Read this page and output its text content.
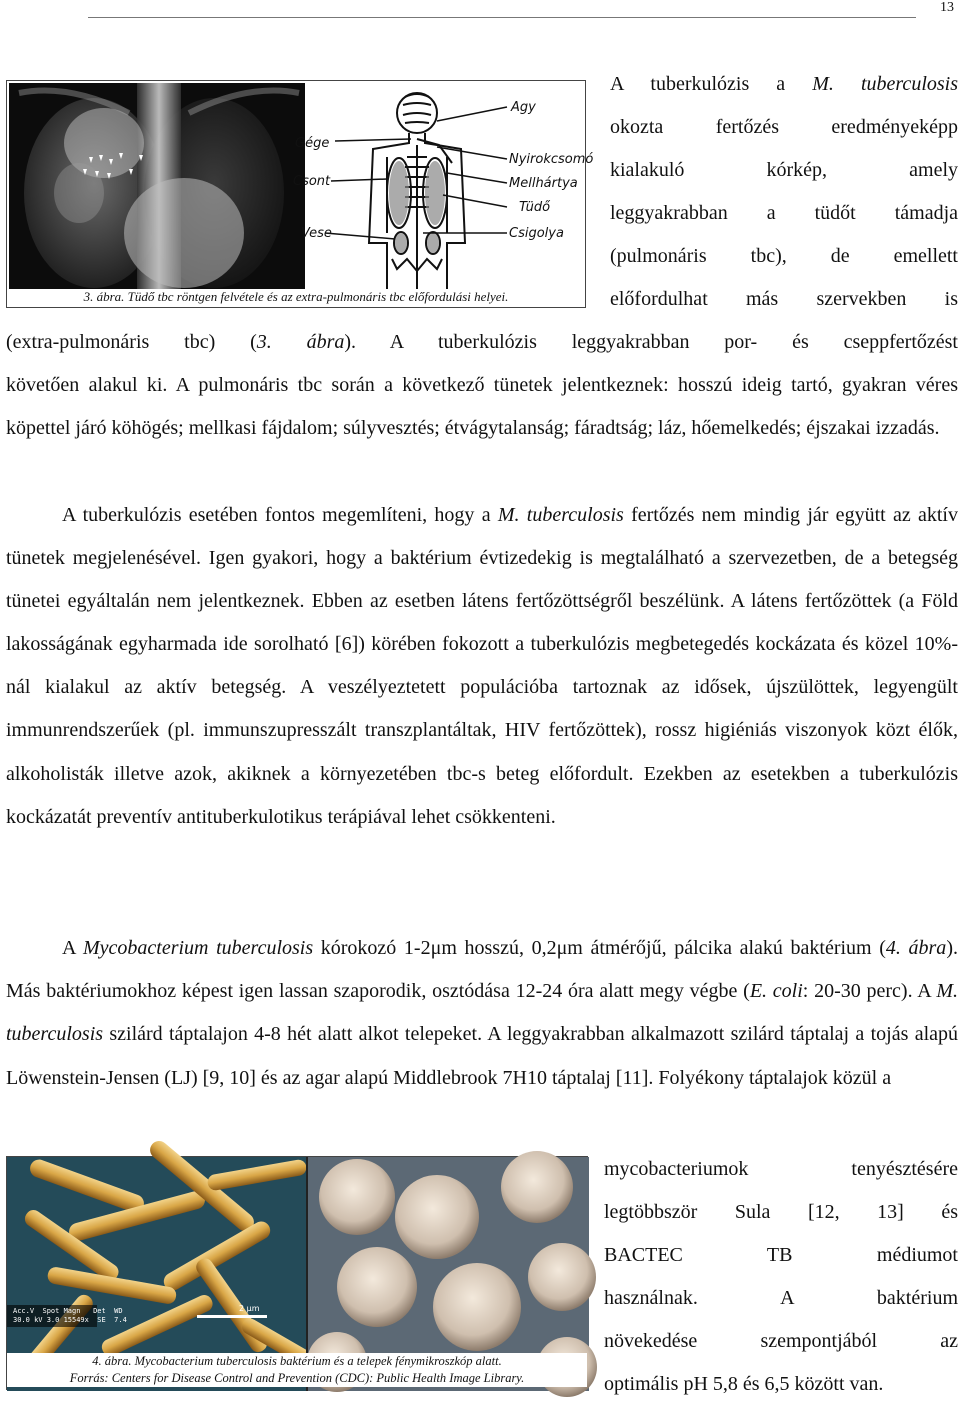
13
Gége
Csont
Vese
Agy
Nyirokcsomó
Mellhártya
Tüdő
Csigolya
3. ábra. Tüdő tbc röntgen felvétele és az extra-pulmonáris tbc előfordulási helyei.
A tuberkulózis a M. tuberculosis
okozta fertőzés eredményeképp
kialakuló kórkép, amely
leggyakrabban a tüdőt támadja
(pulmonáris tbc), de emellett
előfordulhat más szervekben is
(extra-pulmonáris tbc) (3. ábra). A tuberkulózis leggyakrabban por- és cseppfertőzést
követően alakul ki. A pulmonáris tbc során a következő tünetek jelentkeznek: hosszú ideig tartó, gyakran véres köpettel járó köhögés; mellkasi fájdalom; súlyvesztés; étvágytalanság; fáradtság; láz, hőemelkedés; éjszakai izzadás.
A tuberkulózis esetében fontos megemlíteni, hogy a M. tuberculosis fertőzés nem mindig jár együtt az aktív tünetek megjelenésével. Igen gyakori, hogy a baktérium évtizedekig is megtalálható a szervezetben, de a betegség tünetei egyáltalán nem jelentkeznek. Ebben az esetben látens fertőzöttségről beszélünk. A látens fertőzöttek (a Föld lakosságának egyharmada ide sorolható [6]) körében fokozott a tuberkulózis megbetegedés kockázata és közel 10%-nál kialakul az aktív betegség. A veszélyeztetett populációba tartoznak az idősek, újszülöttek, legyengült immunrendszerűek (pl. immunszupresszált transzplantáltak, HIV fertőzöttek), rossz higiéniás viszonyok közt élők, alkoholisták illetve azok, akiknek a környezetében tbc-s beteg előfordult. Ezekben az esetekben a tuberkulózis kockázatát preventív antituberkulotikus terápiával lehet csökkenteni.
A Mycobacterium tuberculosis kórokozó 1-2μm hosszú, 0,2μm átmérőjű, pálcika alakú baktérium (4. ábra). Más baktériumokhoz képest igen lassan szaporodik, osztódása 12-24 óra alatt megy végbe (E. coli: 20-30 perc). A M. tuberculosis szilárd táptalajon 4-8 hét alatt alkot telepeket. A leggyakrabban alkalmazott szilárd táptalaj a tojás alapú Löwenstein-Jensen (LJ) [9, 10] és az agar alapú Middlebrook 7H10 táptalaj [11]. Folyékony táptalajok közül a
mycobacteriumok tenyésztésére
legtöbbször Sula [12, 13] és
BACTEC TB médiumot
használnak. A baktérium
növekedése szempontjából az
optimális pH 5,8 és 6,5 között van.
2 μm
Acc.V  Spot Magn   Det  WD
30.0 kV 3.0 15549x  SE  7.4
4. ábra. Mycobacterium tuberculosis baktérium és a telepek fénymikroszkóp alatt.
Forrás: Centers for Disease Control and Prevention (CDC): Public Health Image Library.
